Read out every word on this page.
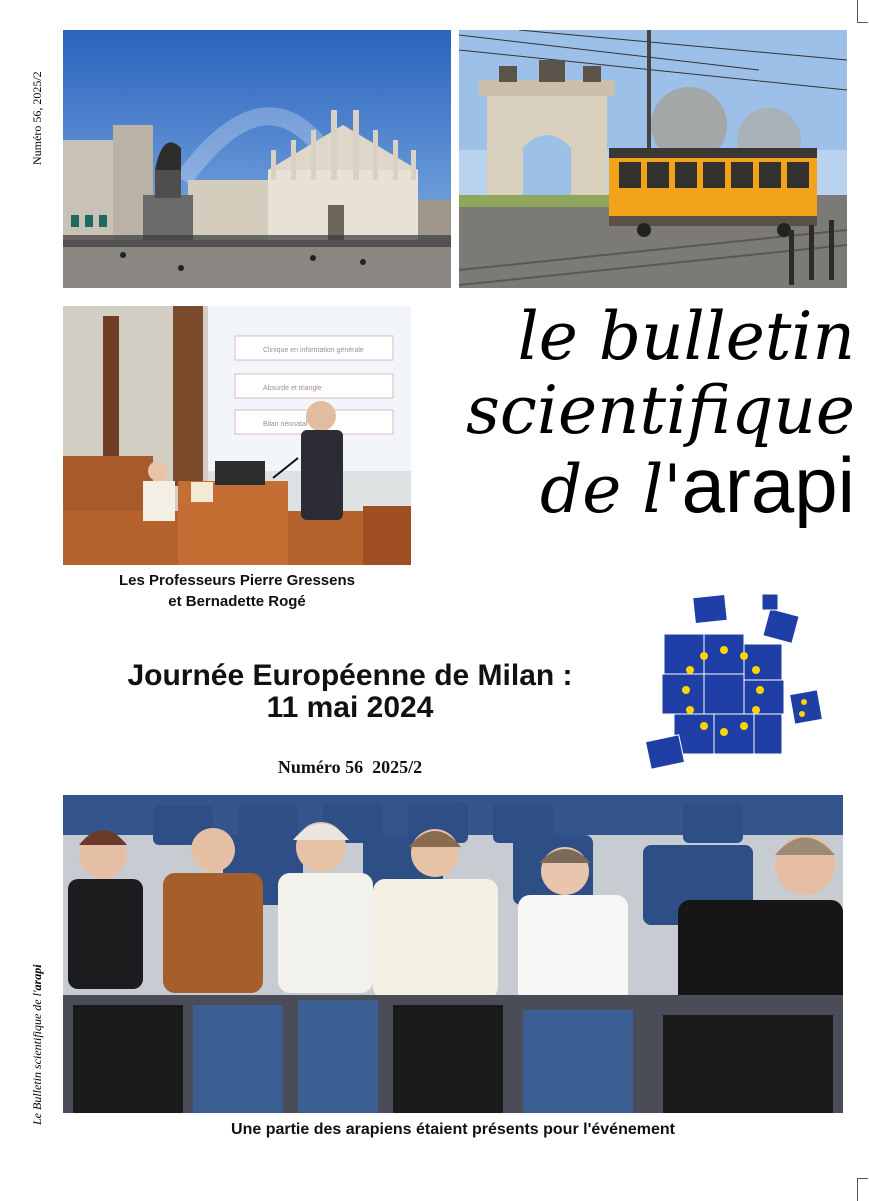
Numéro 56, 2025/2
Le Bulletin scientifique de l'arapi
Clinique en information générale
Absurde et triangle
Bilan néonatal
Les Professeurs Pierre Gressens
et Bernadette Rogé
le bulletin
scientifique
de l'arapi
Journée Européenne de Milan :
11 mai 2024
Numéro 56  2025/2
Une partie des arapiens étaient présents pour l'événement
